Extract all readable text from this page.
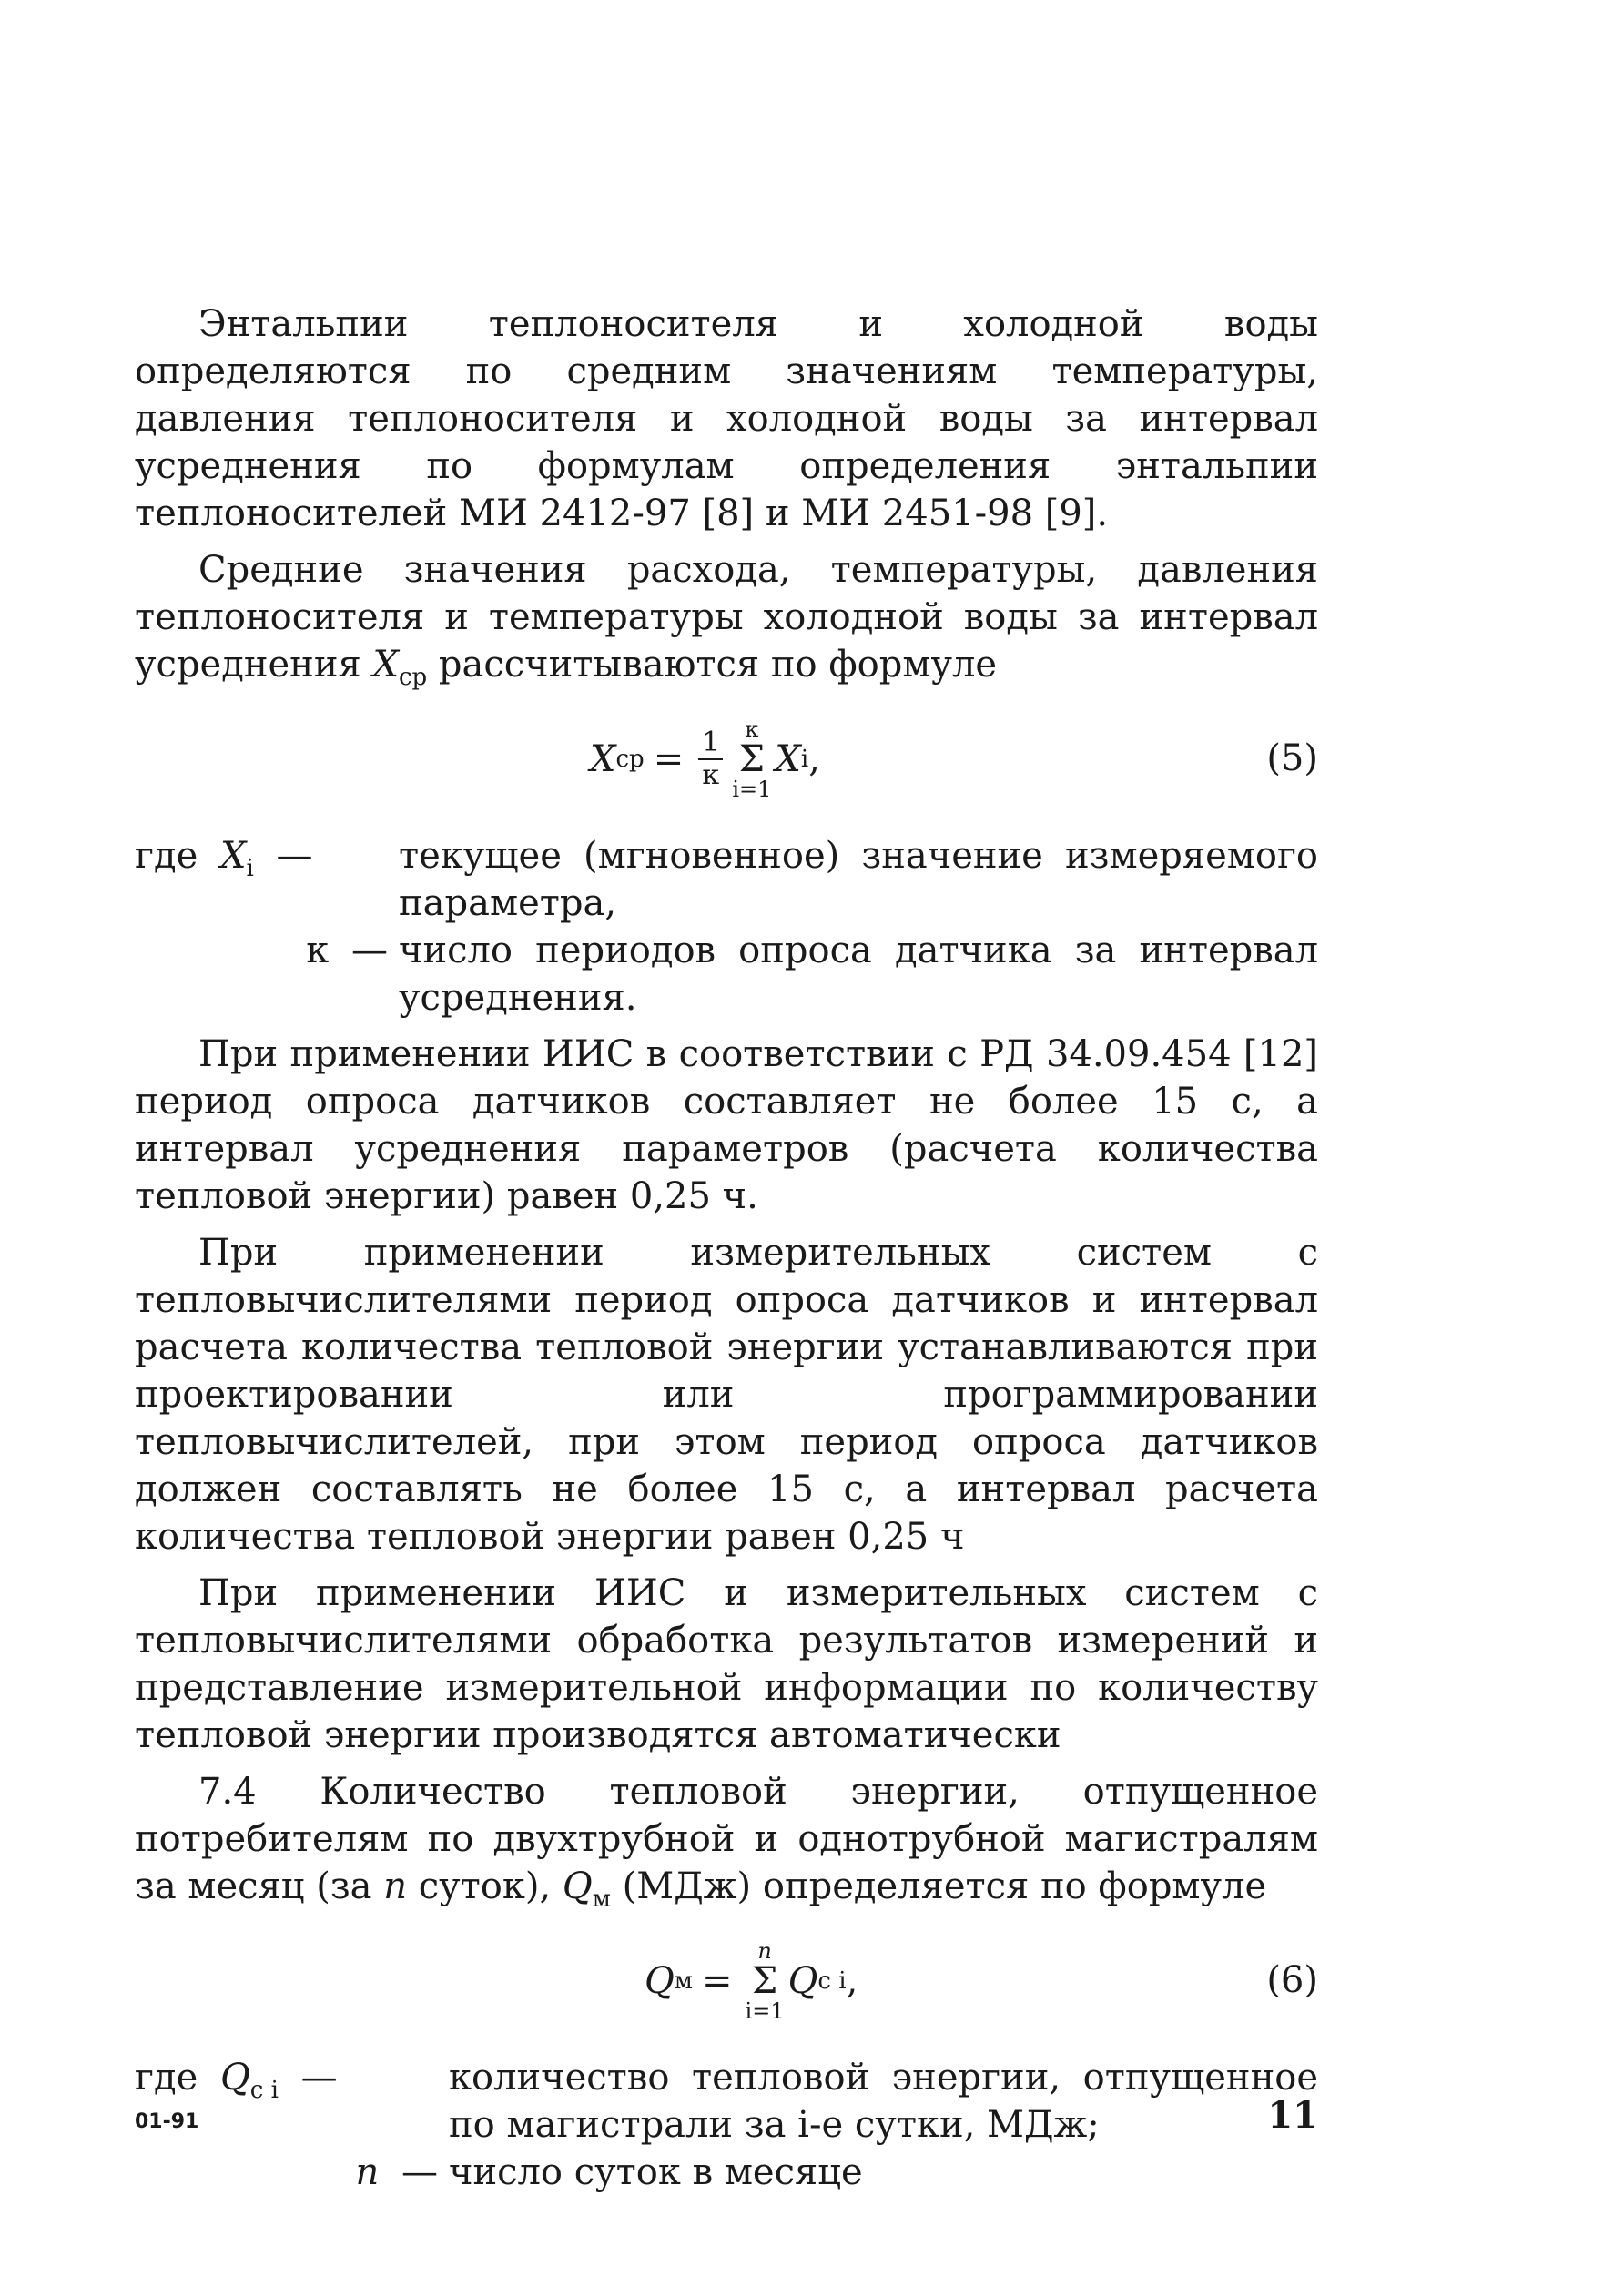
Энтальпии теплоносителя и холодной воды определяются по средним значениям температуры, давления теплоносителя и холодной воды за интервал усреднения по формулам определения энтальпии теплоносителей МИ 2412-97 [8] и МИ 2451-98 [9].

Средние значения расхода, температуры, давления теплоносителя и температуры холодной воды за интервал усреднения $X_{ср}$ рассчитываются по формуле

X ср = $\frac{1}{к}$ к
Σ
i=1
X i ,	(5)
где $X_i$ —	текущее (мгновенное) значение измеряемого параметра,
к — число периодов опроса датчика за интервал усреднения.

При применении ИИС в соответствии с РД 34.09.454 [12] период опроса датчиков составляет не более 15 с, а интервал усреднения параметров (расчета количества тепловой энергии) равен 0,25 ч.

При применении измерительных систем с тепловычислителями период опроса датчиков и интервал расчета количества тепловой энергии устанавливаются при проектировании или программировании тепловычислителей, при этом период опроса датчиков должен составлять не более 15 с, а интервал расчета количества тепловой энергии равен 0,25 ч

При применении ИИС и измерительных систем с тепловычислителями обработка результатов измерений и представление измерительной информации по количеству тепловой энергии производятся автоматически

7.4 Количество тепловой энергии, отпущенное потребителям по двухтрубной и однотрубной магистралям за месяц (за n суток), $Q_м$ (МДж) определяется по формуле

Q м =
n
Σ
i=1
Q с i ,	(6)
где $Q_{с i}$ —	количество тепловой энергии, отпущенное по магистрали за i-е сутки, МДж;
n — число суток в месяце
01-91	11
